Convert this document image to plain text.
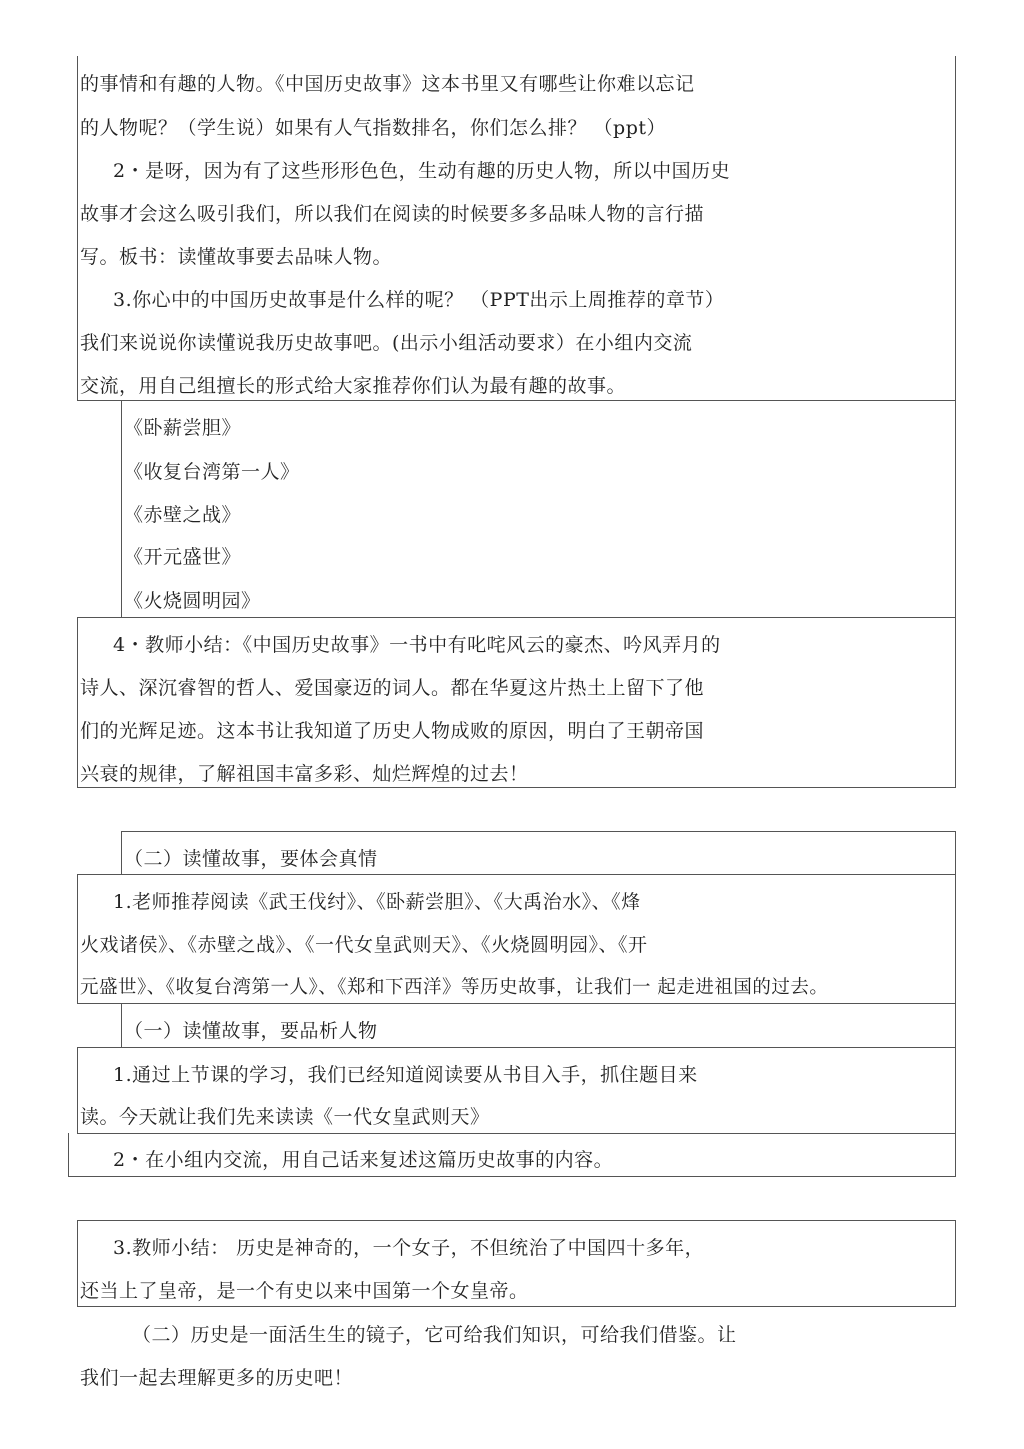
的事情和有趣的人物。《中国历史故事》这本书里又有哪些让你难以忘记
的人物呢？（学生说）如果有人气指数排名，你们怎么排？ （ppt）
2・是呀，因为有了这些形形色色，生动有趣的历史人物，所以中国历史
故事才会这么吸引我们，所以我们在阅读的时候要多多品味人物的言行描
写。板书：读懂故事要去品味人物。
3.你心中的中国历史故事是什么样的呢？ （PPT出示上周推荐的章节）
我们来说说你读懂说我历史故事吧。(出示小组活动要求）在小组内交流
交流，用自己组擅长的形式给大家推荐你们认为最有趣的故事。
《卧薪尝胆》
《收复台湾第一人》
《赤壁之战》
《开元盛世》
《火烧圆明园》
4・教师小结：《中国历史故事》一书中有叱咤风云的豪杰、吟风弄月的
诗人、深沉睿智的哲人、爱国豪迈的词人。都在华夏这片热土上留下了他
们的光辉足迹。这本书让我知道了历史人物成败的原因，明白了王朝帝国
兴衰的规律，了解祖国丰富多彩、灿烂辉煌的过去！
（二）读懂故事，要体会真情
1.老师推荐阅读《武王伐纣》、《卧薪尝胆》、《大禹治水》、《烽
火戏诸侯》、《赤壁之战》、《一代女皇武则天》、《火烧圆明园》、《开
元盛世》、《收复台湾第一人》、《郑和下西洋》等历史故事，让我们一 起走进祖国的过去。
（一）读懂故事，要品析人物
1.通过上节课的学习，我们已经知道阅读要从书目入手，抓住题目来
读。今天就让我们先来读读《一代女皇武则天》
2・在小组内交流，用自己话来复述这篇历史故事的内容。
3.教师小结： 历史是神奇的，一个女子，不但统治了中国四十多年，
还当上了皇帝，是一个有史以来中国第一个女皇帝。
（二）历史是一面活生生的镜子，它可给我们知识，可给我们借鉴。让
我们一起去理解更多的历史吧！
